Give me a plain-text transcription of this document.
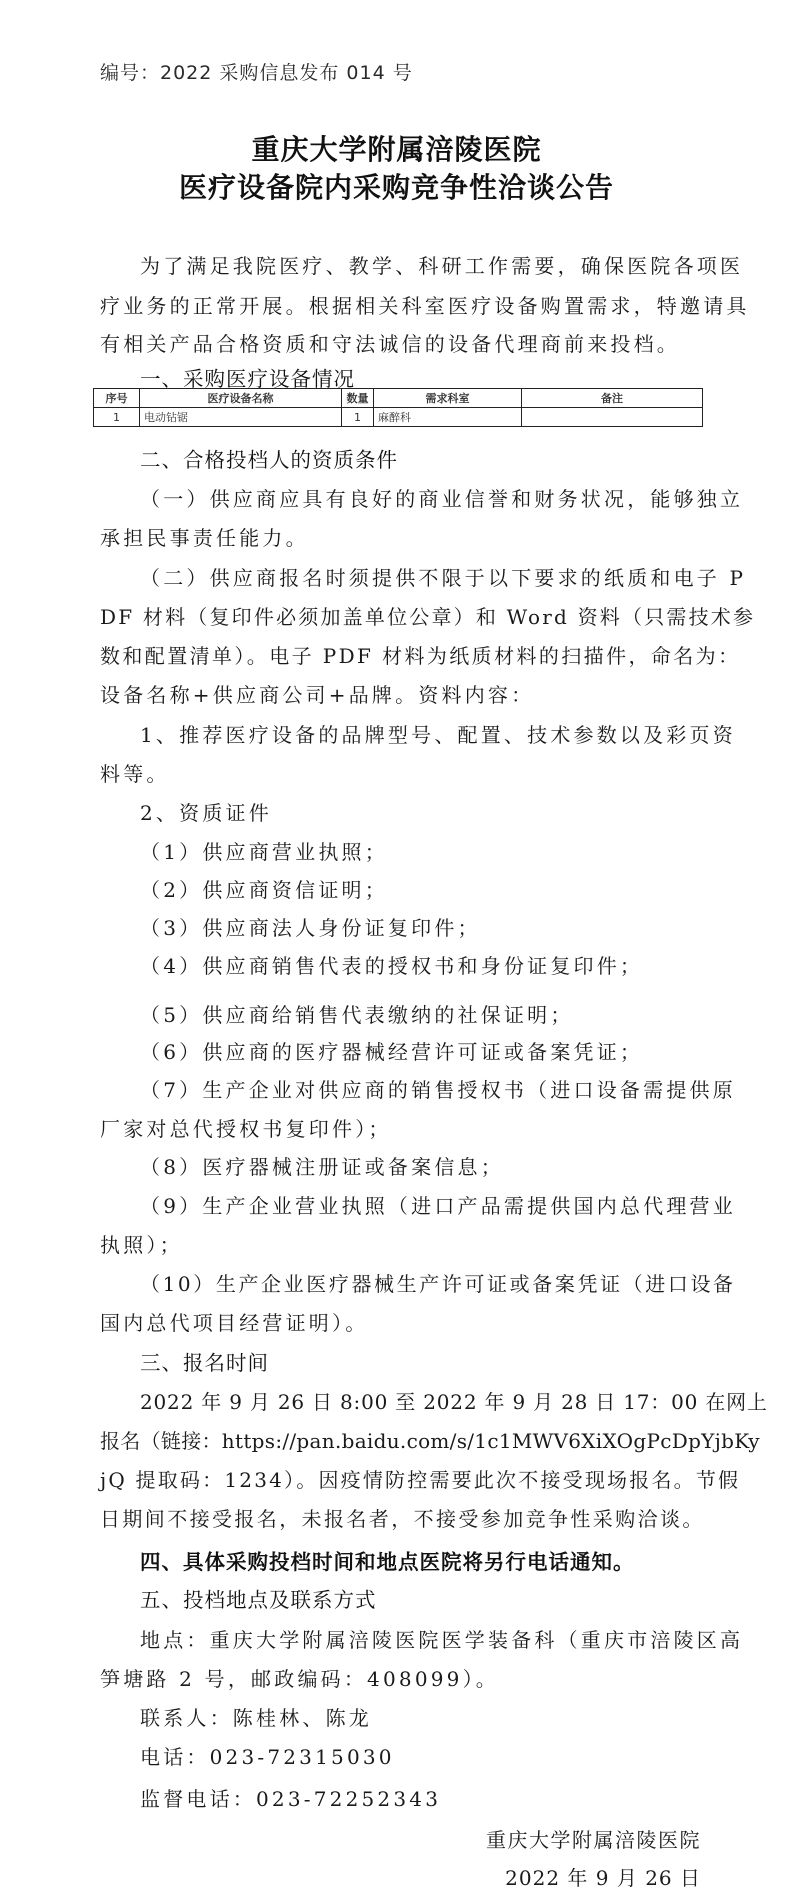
编号：2022 采购信息发布 014 号
重庆大学附属涪陵医院
医疗设备院内采购竞争性洽谈公告
为了满足我院医疗、教学、科研工作需要，确保医院各项医
疗业务的正常开展。根据相关科室医疗设备购置需求，特邀请具
有相关产品合格资质和守法诚信的设备代理商前来投档。
一、采购医疗设备情况
序号	医疗设备名称	数量	需求科室	备注
1	电动钻锯	1	麻醉科	
二、合格投档人的资质条件
（一）供应商应具有良好的商业信誉和财务状况，能够独立
承担民事责任能力。
（二）供应商报名时须提供不限于以下要求的纸质和电子 P
DF 材料（复印件必须加盖单位公章）和 Word 资料（只需技术参
数和配置清单）。电子 PDF 材料为纸质材料的扫描件，命名为：
设备名称+供应商公司+品牌。资料内容：
1、推荐医疗设备的品牌型号、配置、技术参数以及彩页资
料等。
2、资质证件
（1）供应商营业执照；
（2）供应商资信证明；
（3）供应商法人身份证复印件；
（4）供应商销售代表的授权书和身份证复印件；
（5）供应商给销售代表缴纳的社保证明；
（6）供应商的医疗器械经营许可证或备案凭证；
（7）生产企业对供应商的销售授权书（进口设备需提供原
厂家对总代授权书复印件）；
（8）医疗器械注册证或备案信息；
（9）生产企业营业执照（进口产品需提供国内总代理营业
执照）；
（10）生产企业医疗器械生产许可证或备案凭证（进口设备
国内总代项目经营证明）。
三、报名时间
2022 年 9 月 26 日 8:00 至 2022 年 9 月 28 日 17：00 在网上
报名（链接：https://pan.baidu.com/s/1c1MWV6XiXOgPcDpYjbKy
jQ 提取码：1234）。因疫情防控需要此次不接受现场报名。节假
日期间不接受报名，未报名者，不接受参加竞争性采购洽谈。
四、具体采购投档时间和地点医院将另行电话通知。
五、投档地点及联系方式
地点：重庆大学附属涪陵医院医学装备科（重庆市涪陵区高
笋塘路 2 号，邮政编码：408099）。
联系人：陈桂林、陈龙
电话：023-72315030
监督电话：023-72252343
重庆大学附属涪陵医院
2022 年 9 月 26 日
